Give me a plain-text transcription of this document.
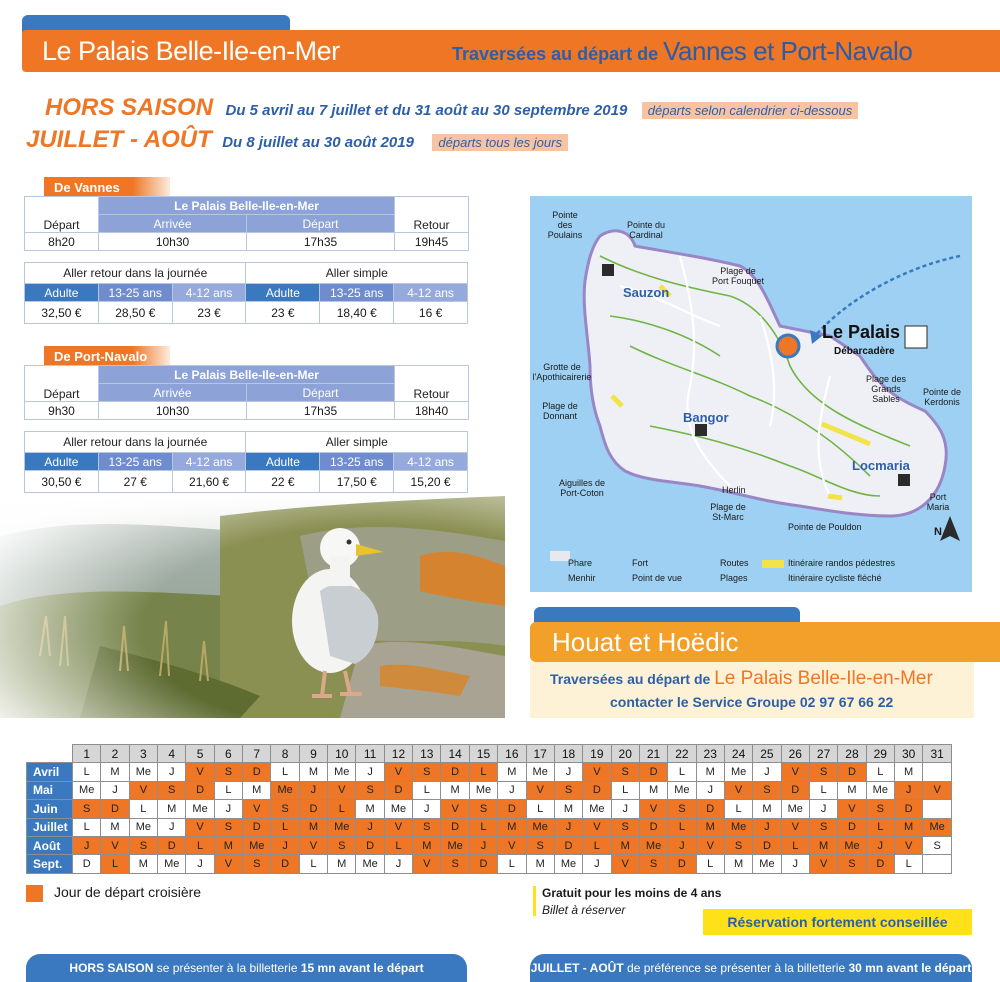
Le Palais Belle-Ile-en-Mer	Traversées au départ de Vannes et Port-Navalo
HORS SAISON Du 5 avril au 7 juillet et du 31 août au 30 septembre 2019 départs selon calendrier ci-dessous
JUILLET - AOÛT Du 8 juillet au 30 août 2019 départs tous les jours
De Vannes
Départ	Le Palais Belle-Ile-en-Mer		Retour
	Arrivée	Départ	
8h20	10h30	17h35	19h45
Aller retour dans la journée			Aller simple		
Adulte	13-25 ans	4-12 ans	Adulte	13-25 ans	4-12 ans
32,50 €	28,50 €	23 €	23 €	18,40 €	16 €
De Port-Navalo
Départ	Le Palais Belle-Ile-en-Mer		Retour
	Arrivée	Départ	
9h30	10h30	17h35	18h40
Aller retour dans la journée			Aller simple		
Adulte	13-25 ans	4-12 ans	Adulte	13-25 ans	4-12 ans
30,50 €	27 €	21,60 €	22 €	17,50 €	15,20 €
Pointe
des
Poulains
Pointe du
Cardinal
Plage de
Port Fouquet
Sauzon
Le Palais
Débarcadère
Grotte de
l'Apothicairerie	Plage des
Grands Sables
Pointe de
Kerdonis
Plage de
Donnant	Bangor
Locmaria
Aiguilles de
Port-Coton	Herlin
Port
Maria
Plage de
St-Marc
Pointe de Pouldon	N
Phare	Fort	Routes	Itinéraire randos pédestres
Menhir	Point de vue	Plages	Itinéraire cycliste fléché
Houat et Hoëdic
Traversées au départ de Le Palais Belle-Ile-en-Mer
contacter le Service Groupe 02 97 67 66 22
	1	2	3	4	5	6	7	8	9	10	11	12	13	14	15	16	17	18	19	20	21	22	23	24	25	26	27	28	29	30	31
Avril	L	M	Me	J	V	S	D	L	M	Me	J	V	S	D	L	M	Me	J	V	S	D	L	M	Me	J	V	S	D	L	M	
Mai	Me	J	V	S	D	L	M	Me	J	V	S	D	L	M	Me	J	V	S	D	L	M	Me	J	V	S	D	L	M	Me	J	V
Juin	S	D	L	M	Me	J	V	S	D	L	M	Me	J	V	S	D	L	M	Me	J	V	S	D	L	M	Me	J	V	S	D	
Juillet	L	M	Me	J	V	S	D	L	M	Me	J	V	S	D	L	M	Me	J	V	S	D	L	M	Me	J	V	S	D	L	M	Me
Août	J	V	S	D	L	M	Me	J	V	S	D	L	M	Me	J	V	S	D	L	M	Me	J	V	S	D	L	M	Me	J	V	S
Sept.	D	L	M	Me	J	V	S	D	L	M	Me	J	V	S	D	L	M	Me	J	V	S	D	L	M	Me	J	V	S	D	L	
Jour de départ croisière	Gratuit pour les moins de 4 ans
Billet à réserver
Réservation fortement conseillée
HORS SAISON se présenter à la billetterie 15 mn avant le départ	JUILLET - AOÛT de préférence se présenter à la billetterie 30 mn avant le départ
